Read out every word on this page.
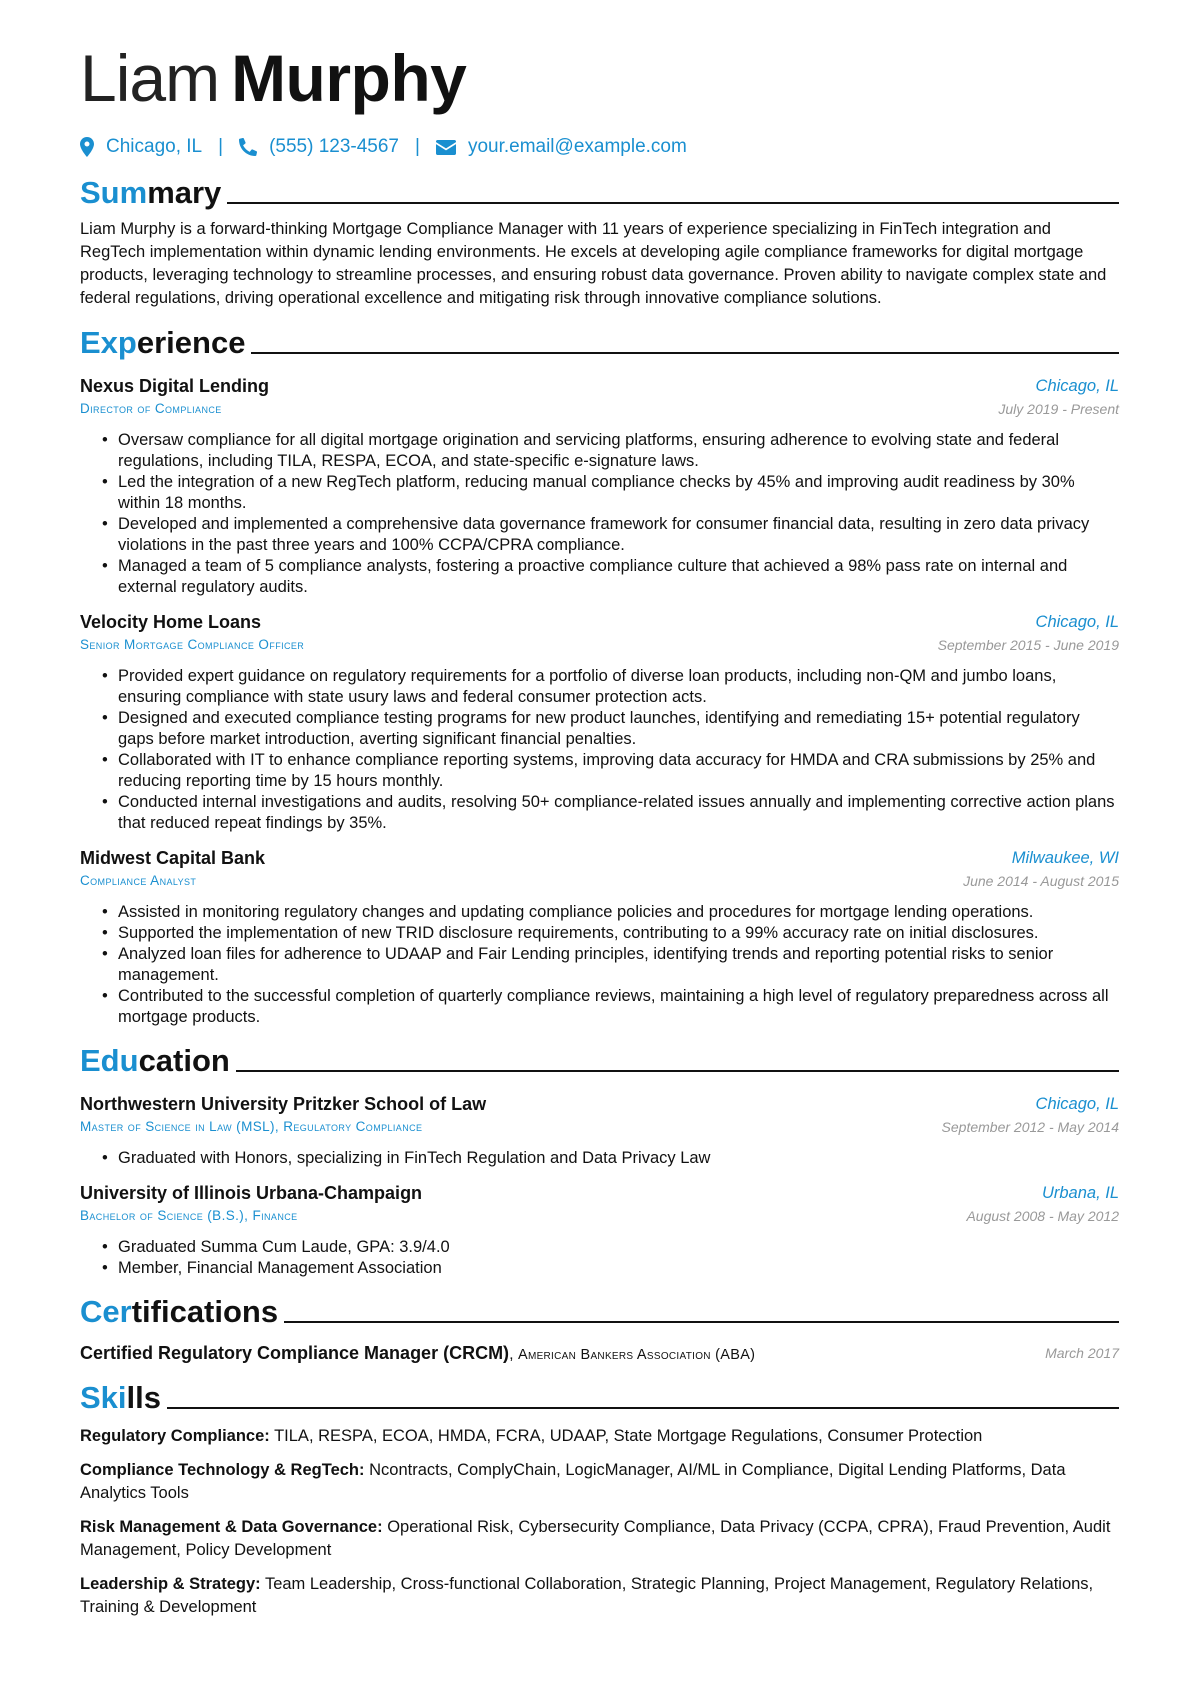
Liam Murphy
Chicago, IL | (555) 123-4567 |	your.email@example.com
Summary
Liam Murphy is a forward-thinking Mortgage Compliance Manager with 11 years of experience specializing in FinTech integration and RegTech implementation within dynamic lending environments. He excels at developing agile compliance frameworks for digital mortgage products, leveraging technology to streamline processes, and ensuring robust data governance. Proven ability to navigate complex state and federal regulations, driving operational excellence and mitigating risk through innovative compliance solutions.
Experience
Nexus Digital Lending	Chicago, IL
Director of Compliance	July 2019 - Present
• Oversaw compliance for all digital mortgage origination and servicing platforms, ensuring adherence to evolving state and federal regulations, including TILA, RESPA, ECOA, and state-specific e-signature laws.
• Led the integration of a new RegTech platform, reducing manual compliance checks by 45% and improving audit readiness by 30% within 18 months.
• Developed and implemented a comprehensive data governance framework for consumer financial data, resulting in zero data privacy violations in the past three years and 100% CCPA/CPRA compliance.
• Managed a team of 5 compliance analysts, fostering a proactive compliance culture that achieved a 98% pass rate on internal and external regulatory audits.
Velocity Home Loans	Chicago, IL
Senior Mortgage Compliance Officer	September 2015 - June 2019
• Provided expert guidance on regulatory requirements for a portfolio of diverse loan products, including non-QM and jumbo loans, ensuring compliance with state usury laws and federal consumer protection acts.
• Designed and executed compliance testing programs for new product launches, identifying and remediating 15+ potential regulatory gaps before market introduction, averting significant financial penalties.
• Collaborated with IT to enhance compliance reporting systems, improving data accuracy for HMDA and CRA submissions by 25% and reducing reporting time by 15 hours monthly.
• Conducted internal investigations and audits, resolving 50+ compliance-related issues annually and implementing corrective action plans that reduced repeat findings by 35%.
Midwest Capital Bank	Milwaukee, WI
Compliance Analyst	June 2014 - August 2015
• Assisted in monitoring regulatory changes and updating compliance policies and procedures for mortgage lending operations.
• Supported the implementation of new TRID disclosure requirements, contributing to a 99% accuracy rate on initial disclosures.
• Analyzed loan files for adherence to UDAAP and Fair Lending principles, identifying trends and reporting potential risks to senior management.
• Contributed to the successful completion of quarterly compliance reviews, maintaining a high level of regulatory preparedness across all mortgage products.
Education
Northwestern University Pritzker School of Law	Chicago, IL
Master of Science in Law (MSL), Regulatory Compliance	September 2012 - May 2014
• Graduated with Honors, specializing in FinTech Regulation and Data Privacy Law
University of Illinois Urbana-Champaign	Urbana, IL
Bachelor of Science (B.S.), Finance	August 2008 - May 2012
• Graduated Summa Cum Laude, GPA: 3.9/4.0
• Member, Financial Management Association
Certifications
Certified Regulatory Compliance Manager (CRCM), American Bankers Association (ABA)	March 2017
Skills
Regulatory Compliance: TILA, RESPA, ECOA, HMDA, FCRA, UDAAP, State Mortgage Regulations, Consumer Protection
Compliance Technology & RegTech: Ncontracts, ComplyChain, LogicManager, AI/ML in Compliance, Digital Lending Platforms, Data Analytics Tools
Risk Management & Data Governance: Operational Risk, Cybersecurity Compliance, Data Privacy (CCPA, CPRA), Fraud Prevention, Audit Management, Policy Development
Leadership & Strategy: Team Leadership, Cross-functional Collaboration, Strategic Planning, Project Management, Regulatory Relations, Training & Development
